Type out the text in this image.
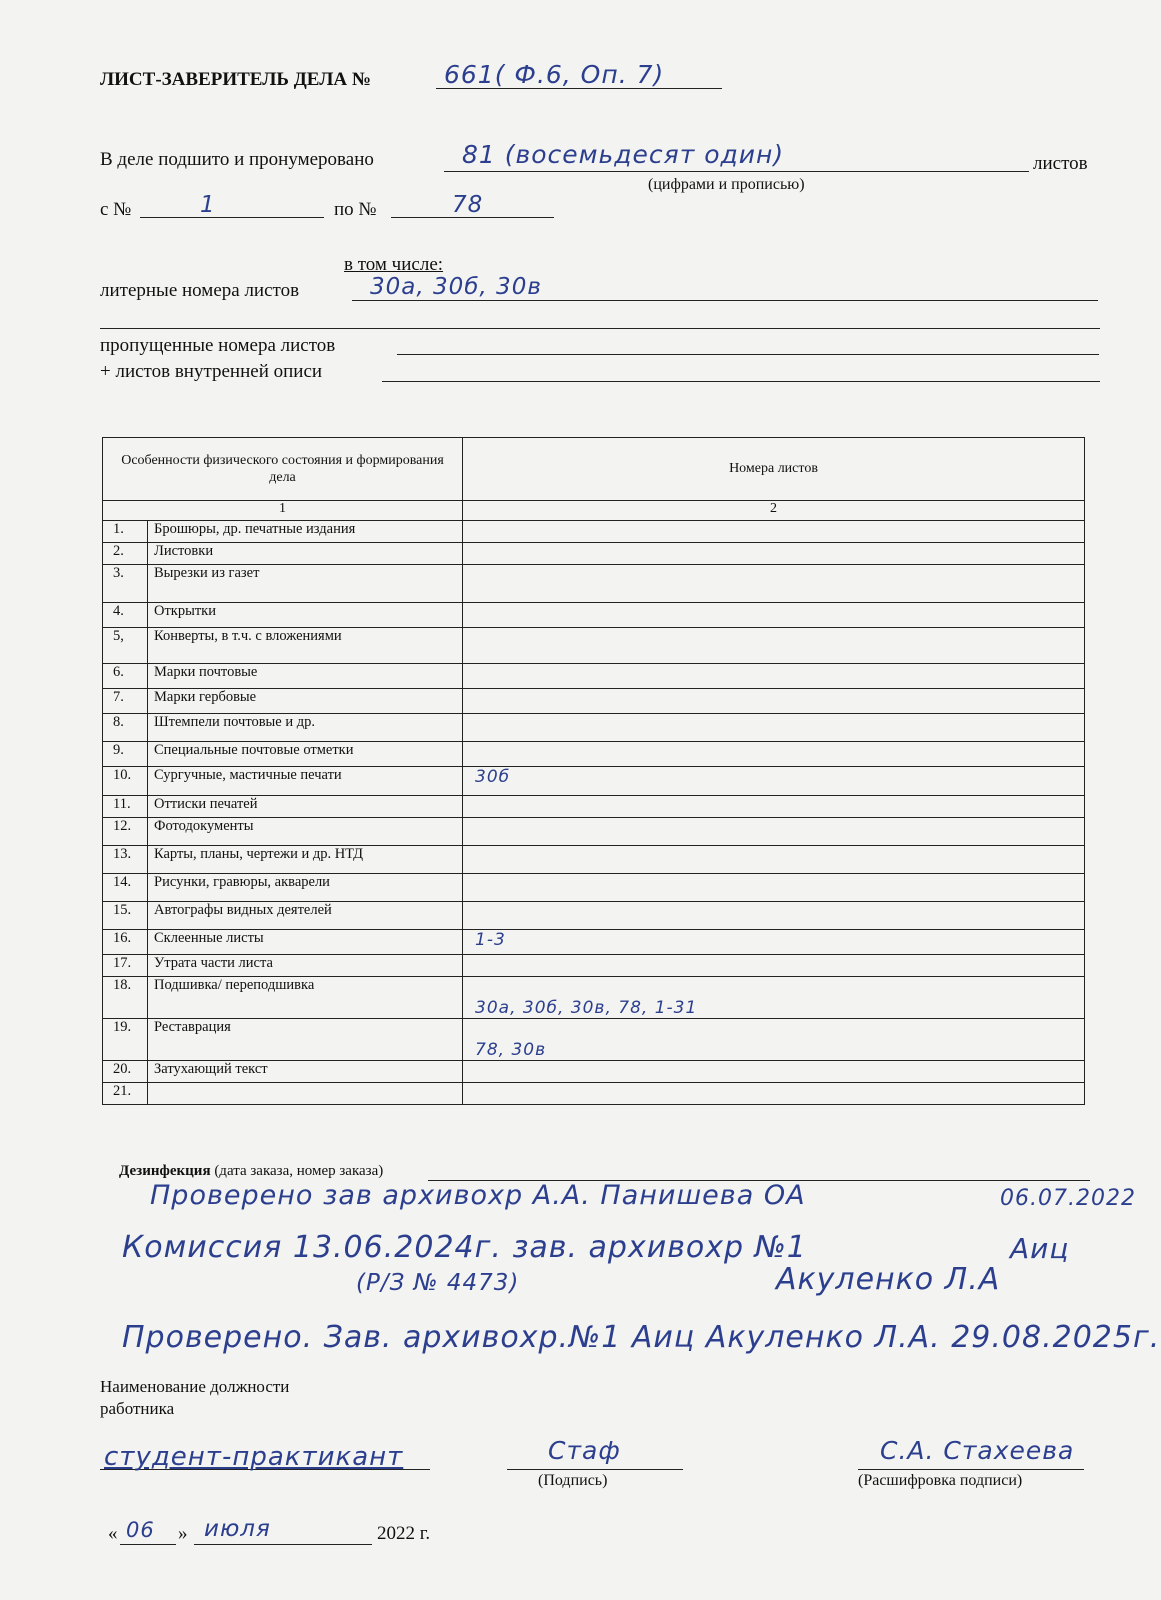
ЛИСТ-ЗАВЕРИТЕЛЬ ДЕЛА №	661( Ф.6, Оп. 7)
В деле подшито и пронумеровано	81 (восемьдесят один)	листов
(цифрами и прописью)
с №	1	по №	78
в том числе:
литерные номера листов	30а, 30б, 30в
пропущенные номера листов
+ листов внутренней описи
Особенности физического состояния и формирования дела		Номера листов
1		2
1.	Брошюры, др. печатные издания	
2.	Листовки	
3.	Вырезки из газет	
4.	Открытки	
5,	Конверты, в т.ч. с вложениями	
6.	Марки почтовые	
7.	Марки гербовые	
8.	Штемпели почтовые и др.	
9.	Специальные почтовые отметки	
10.	Сургучные, мастичные печати	30б
11.	Оттиски печатей	
12.	Фотодокументы	
13.	Карты, планы, чертежи и др. НТД	
14.	Рисунки, гравюры, акварели	
15.	Автографы видных деятелей	
16.	Склеенные листы	1-3
17.	Утрата части листа	
18.	Подшивка/ переподшивка	30а, 30б, 30в, 78, 1-31
19.	Реставрация	78, 30в
20.	Затухающий текст	
21.		
Дезинфекция (дата заказа, номер заказа)
Проверено зав архивохр А.А. Панишева ОА	06.07.2022
Комиссия 13.06.2024г. зав. архивохр №1	Аиц
(Р/З № 4473)	Акуленко Л.А
Проверено. Зав. архивохр.№1 Аиц Акуленко Л.А. 29.08.2025г.
Наименование должности
работника
студент-практикант	Стаф
(Подпись)
С.А. Стахеева
(Расшифровка подписи)
« 06 » июля	2022 г.
